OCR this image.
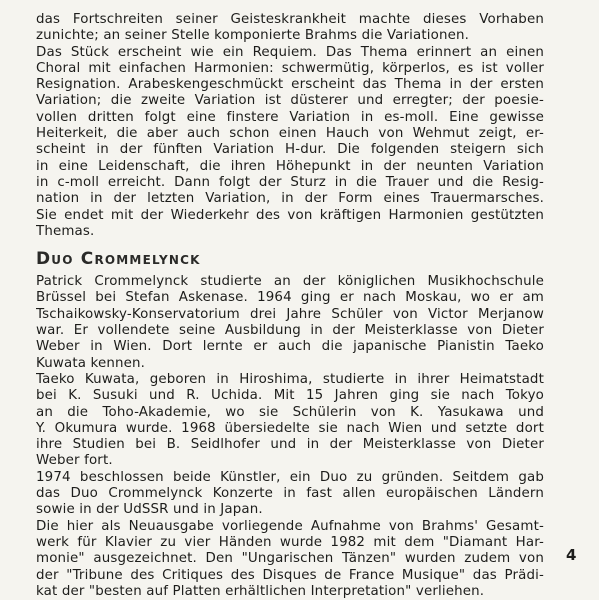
das Fortschreiten seiner Geisteskrankheit machte dieses Vorhaben
zunichte; an seiner Stelle komponierte Brahms die Variationen.
Das Stück erscheint wie ein Requiem. Das Thema erinnert an einen
Choral mit einfachen Harmonien: schwermütig, körperlos, es ist voller
Resignation. Arabeskengeschmückt erscheint das Thema in der ersten
Variation; die zweite Variation ist düsterer und erregter; der poesie-
vollen dritten folgt eine finstere Variation in es-moll. Eine gewisse
Heiterkeit, die aber auch schon einen Hauch von Wehmut zeigt, er-
scheint in der fünften Variation H-dur. Die folgenden steigern sich
in eine Leidenschaft, die ihren Höhepunkt in der neunten Variation
in c-moll erreicht. Dann folgt der Sturz in die Trauer und die Resig-
nation in der letzten Variation, in der Form eines Trauermarsches.
Sie endet mit der Wiederkehr des von kräftigen Harmonien gestützten
Themas.
Duo Crommelynck
Patrick Crommelynck studierte an der königlichen Musikhochschule
Brüssel bei Stefan Askenase. 1964 ging er nach Moskau, wo er am
Tschaikowsky-Konservatorium drei Jahre Schüler von Victor Merjanow
war. Er vollendete seine Ausbildung in der Meisterklasse von Dieter
Weber in Wien. Dort lernte er auch die japanische Pianistin Taeko
Kuwata kennen.
Taeko Kuwata, geboren in Hiroshima, studierte in ihrer Heimatstadt
bei K. Susuki und R. Uchida. Mit 15 Jahren ging sie nach Tokyo
an die Toho-Akademie, wo sie Schülerin von K. Yasukawa und
Y. Okumura wurde. 1968 übersiedelte sie nach Wien und setzte dort
ihre Studien bei B. Seidlhofer und in der Meisterklasse von Dieter
Weber fort.
1974 beschlossen beide Künstler, ein Duo zu gründen. Seitdem gab
das Duo Crommelynck Konzerte in fast allen europäischen Ländern
sowie in der UdSSR und in Japan.
Die hier als Neuausgabe vorliegende Aufnahme von Brahms' Gesamt-
werk für Klavier zu vier Händen wurde 1982 mit dem "Diamant Har-
monie" ausgezeichnet. Den "Ungarischen Tänzen" wurden zudem von
der "Tribune des Critiques des Disques de France Musique" das Prädi-
kat der "besten auf Platten erhältlichen Interpretation" verliehen.
4
